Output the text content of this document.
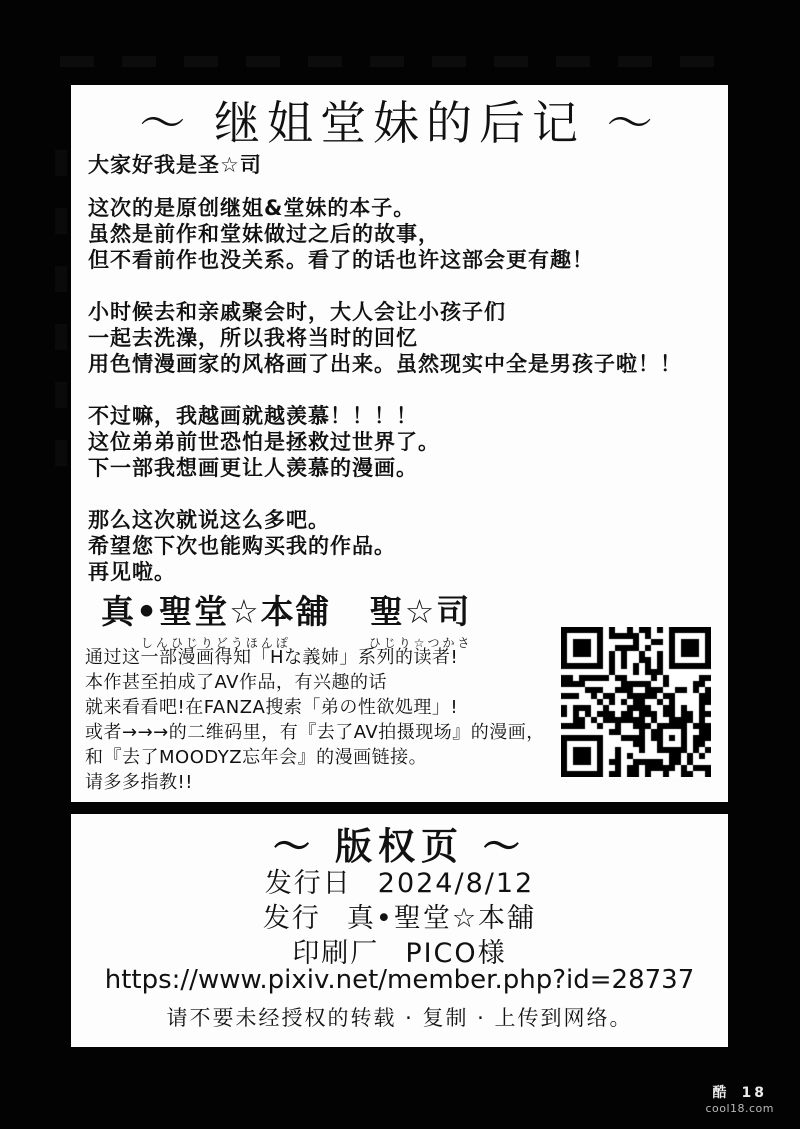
～ 继姐堂妹的后记 ～
大家好我是圣☆司
这次的是原创继姐&堂妹的本子。
虽然是前作和堂妹做过之后的故事，
但不看前作也没关系。看了的话也许这部会更有趣！
小时候去和亲戚聚会时，大人会让小孩子们
一起去洗澡，所以我将当时的回忆
用色情漫画家的风格画了出来。虽然现实中全是男孩子啦！！
不过嘛，我越画就越羡慕！！！！
这位弟弟前世恐怕是拯救过世界了。
下一部我想画更让人羡慕的漫画。
那么这次就说这么多吧。
希望您下次也能购买我的作品。
再见啦。
真•聖堂☆本舖
しんひじりどうほんぽ
聖☆司
ひじり☆つかさ
通过这一部漫画得知「Hな義姉」系列的读者!
本作甚至拍成了AV作品，有兴趣的话
就来看看吧!在FANZA搜索「弟の性欲処理」!
或者→→→的二维码里，有『去了AV拍摄现场』的漫画，
和『去了MOODYZ忘年会』的漫画链接。
请多多指教!!
～ 版权页 ～
发行日 2024/8/12
发行 真•聖堂☆本舖
印刷厂 PICO様
https://www.pixiv.net/member.php?id=28737
请不要未经授权的转载 · 复制 · 上传到网络。
酷 18
cool18.com
